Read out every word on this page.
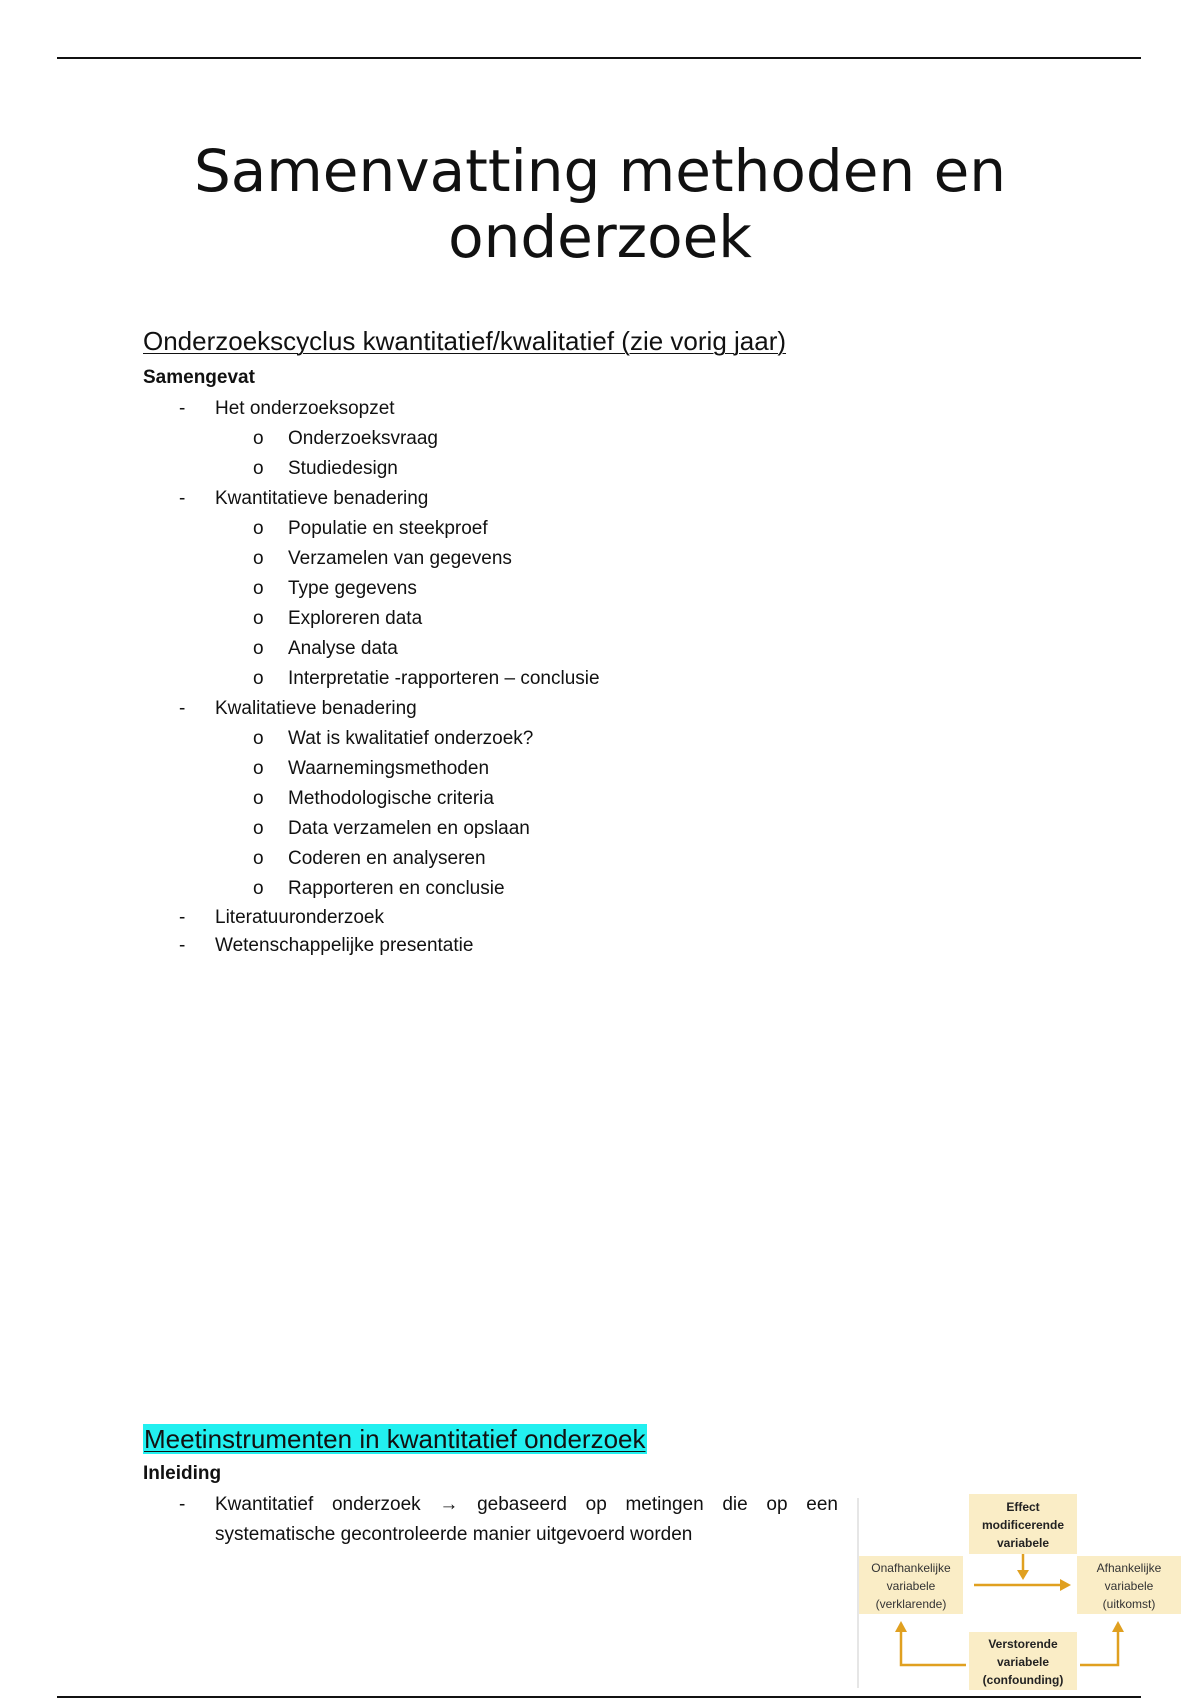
Samenvatting methoden en onderzoek
Onderzoekscyclus kwantitatief/kwalitatief (zie vorig jaar)
Samengevat
- Het onderzoeksopzet
o Onderzoeksvraag
o Studiedesign
- Kwantitatieve benadering
o Populatie en steekproef
o Verzamelen van gegevens
o Type gegevens
o Exploreren data
o Analyse data
o Interpretatie -rapporteren – conclusie
- Kwalitatieve benadering
o Wat is kwalitatief onderzoek?
o Waarnemingsmethoden
o Methodologische criteria
o Data verzamelen en opslaan
o Coderen en analyseren
o Rapporteren en conclusie
- Literatuuronderzoek
- Wetenschappelijke presentatie
Meetinstrumenten in kwantitatief onderzoek
Inleiding
- Kwantitatief onderzoek → gebaseerd op metingen die op een systematische gecontroleerde manier uitgevoerd worden
Effect
modificerende
variabele
Onafhankelijke
variabele
(verklarende)
Afhankelijke
variabele
(uitkomst)
Verstorende
variabele
(confounding)
